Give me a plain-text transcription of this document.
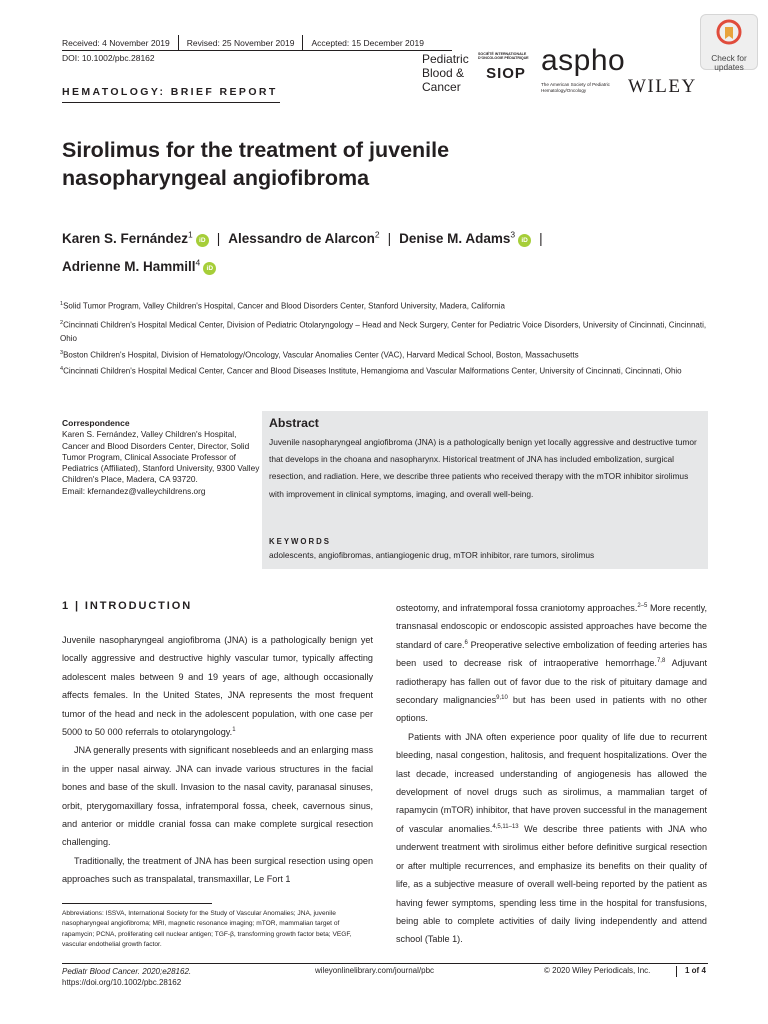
Received: 4 November 2019	Revised: 25 November 2019	Accepted: 15 December 2019
DOI: 10.1002/pbc.28162
HEMATOLOGY: BRIEF REPORT
Pediatric
Blood &
Cancer
SOCIÉTÉ INTERNATIONALE D'ONCOLOGIE PÉDIATRIQUE
SIOP aspho
The American Society of Pediatric Hematology/Oncology	WILEY
Check for
updates
Sirolimus for the treatment of juvenile nasopharyngeal angiofibroma
Karen S. Fernández$^1$iD | Alessandro de Alarcon$^2$ | Denise M. Adams$^3$iD |
Adrienne M. Hammill$^4$iD
$^1$Solid Tumor Program, Valley Children's Hospital, Cancer and Blood Disorders Center, Stanford University, Madera, California
$^2$Cincinnati Children's Hospital Medical Center, Division of Pediatric Otolaryngology – Head and Neck Surgery, Center for Pediatric Voice Disorders, University of Cincinnati, Cincinnati, Ohio
$^3$Boston Children's Hospital, Division of Hematology/Oncology, Vascular Anomalies Center (VAC), Harvard Medical School, Boston, Massachusetts
$^4$Cincinnati Children's Hospital Medical Center, Cancer and Blood Diseases Institute, Hemangioma and Vascular Malformations Center, University of Cincinnati, Cincinnati, Ohio
Correspondence
Karen S. Fernández, Valley Children's Hospital, Cancer and Blood Disorders Center, Director, Solid Tumor Program, Clinical Associate Professor of Pediatrics (Affiliated), Stanford University, 9300 Valley Children's Place, Madera, CA 93720.
Email: kfernandez@valleychildrens.org
Abstract
Juvenile nasopharyngeal angiofibroma (JNA) is a pathologically benign yet locally aggressive and destructive tumor that develops in the choana and nasopharynx. Historical treatment of JNA has included embolization, surgical resection, and radiation. Here, we describe three patients who received therapy with the mTOR inhibitor sirolimus with improvement in clinical symptoms, imaging, and overall well-being.
KEYWORDS
adolescents, angiofibromas, antiangiogenic drug, mTOR inhibitor, rare tumors, sirolimus
1 | INTRODUCTION

Juvenile nasopharyngeal angiofibroma (JNA) is a pathologically benign yet locally aggressive and destructive highly vascular tumor, typically affecting adolescent males between 9 and 19 years of age, although occasionally affects females. In the United States, JNA represents the most frequent tumor of the head and neck in the adolescent population, with one case per 5000 to 50 000 referrals to otolaryngology.$^1$

JNA generally presents with significant nosebleeds and an enlarging mass in the upper nasal airway. JNA can invade various structures in the facial bones and base of the skull. Invasion to the nasal cavity, paranasal sinuses, orbit, pterygomaxillary fossa, infratemporal fossa, cheek, cavernous sinus, and anterior or middle cranial fossa can make complete surgical resection challenging.

Traditionally, the treatment of JNA has been surgical resection using open approaches such as transpalatal, transmaxillar, Le Fort 1

osteotomy, and infratemporal fossa craniotomy approaches.$^{2-5}$ More recently, transnasal endoscopic or endoscopic assisted approaches have become the standard of care.$^6$ Preoperative selective embolization of feeding arteries has been used to decrease risk of intraoperative hemorrhage.$^{7,8}$ Adjuvant radiotherapy has fallen out of favor due to the risk of pituitary damage and secondary malignancies$^{9,10}$ but has been used in patients with no other options.

Patients with JNA often experience poor quality of life due to recurrent bleeding, nasal congestion, halitosis, and frequent hospitalizations. Over the last decade, increased understanding of angiogenesis has allowed the development of novel drugs such as sirolimus, a mammalian target of rapamycin (mTOR) inhibitor, that have proven successful in the management of vascular anomalies.$^{4,5,11-13}$ We describe three patients with JNA who underwent treatment with sirolimus either before definitive surgical resection or after multiple recurrences, and emphasize its benefits on their quality of life, as a subjective measure of overall well-being reported by the patient as having fewer symptoms, spending less time in the hospital for transfusions, being able to complete activities of daily living independently and attend school (Table 1).

Abbreviations: ISSVA, International Society for the Study of Vascular Anomalies; JNA, juvenile nasopharyngeal angiofibroma; MRI, magnetic resonance imaging; mTOR, mammalian target of rapamycin; PCNA, proliferating cell nuclear antigen; TGF-β, transforming growth factor beta; VEGF, vascular endothelial growth factor.
Pediatr Blood Cancer. 2020;e28162.
https://doi.org/10.1002/pbc.28162
wileyonlinelibrary.com/journal/pbc	© 2020 Wiley Periodicals, Inc.	1 of 4
